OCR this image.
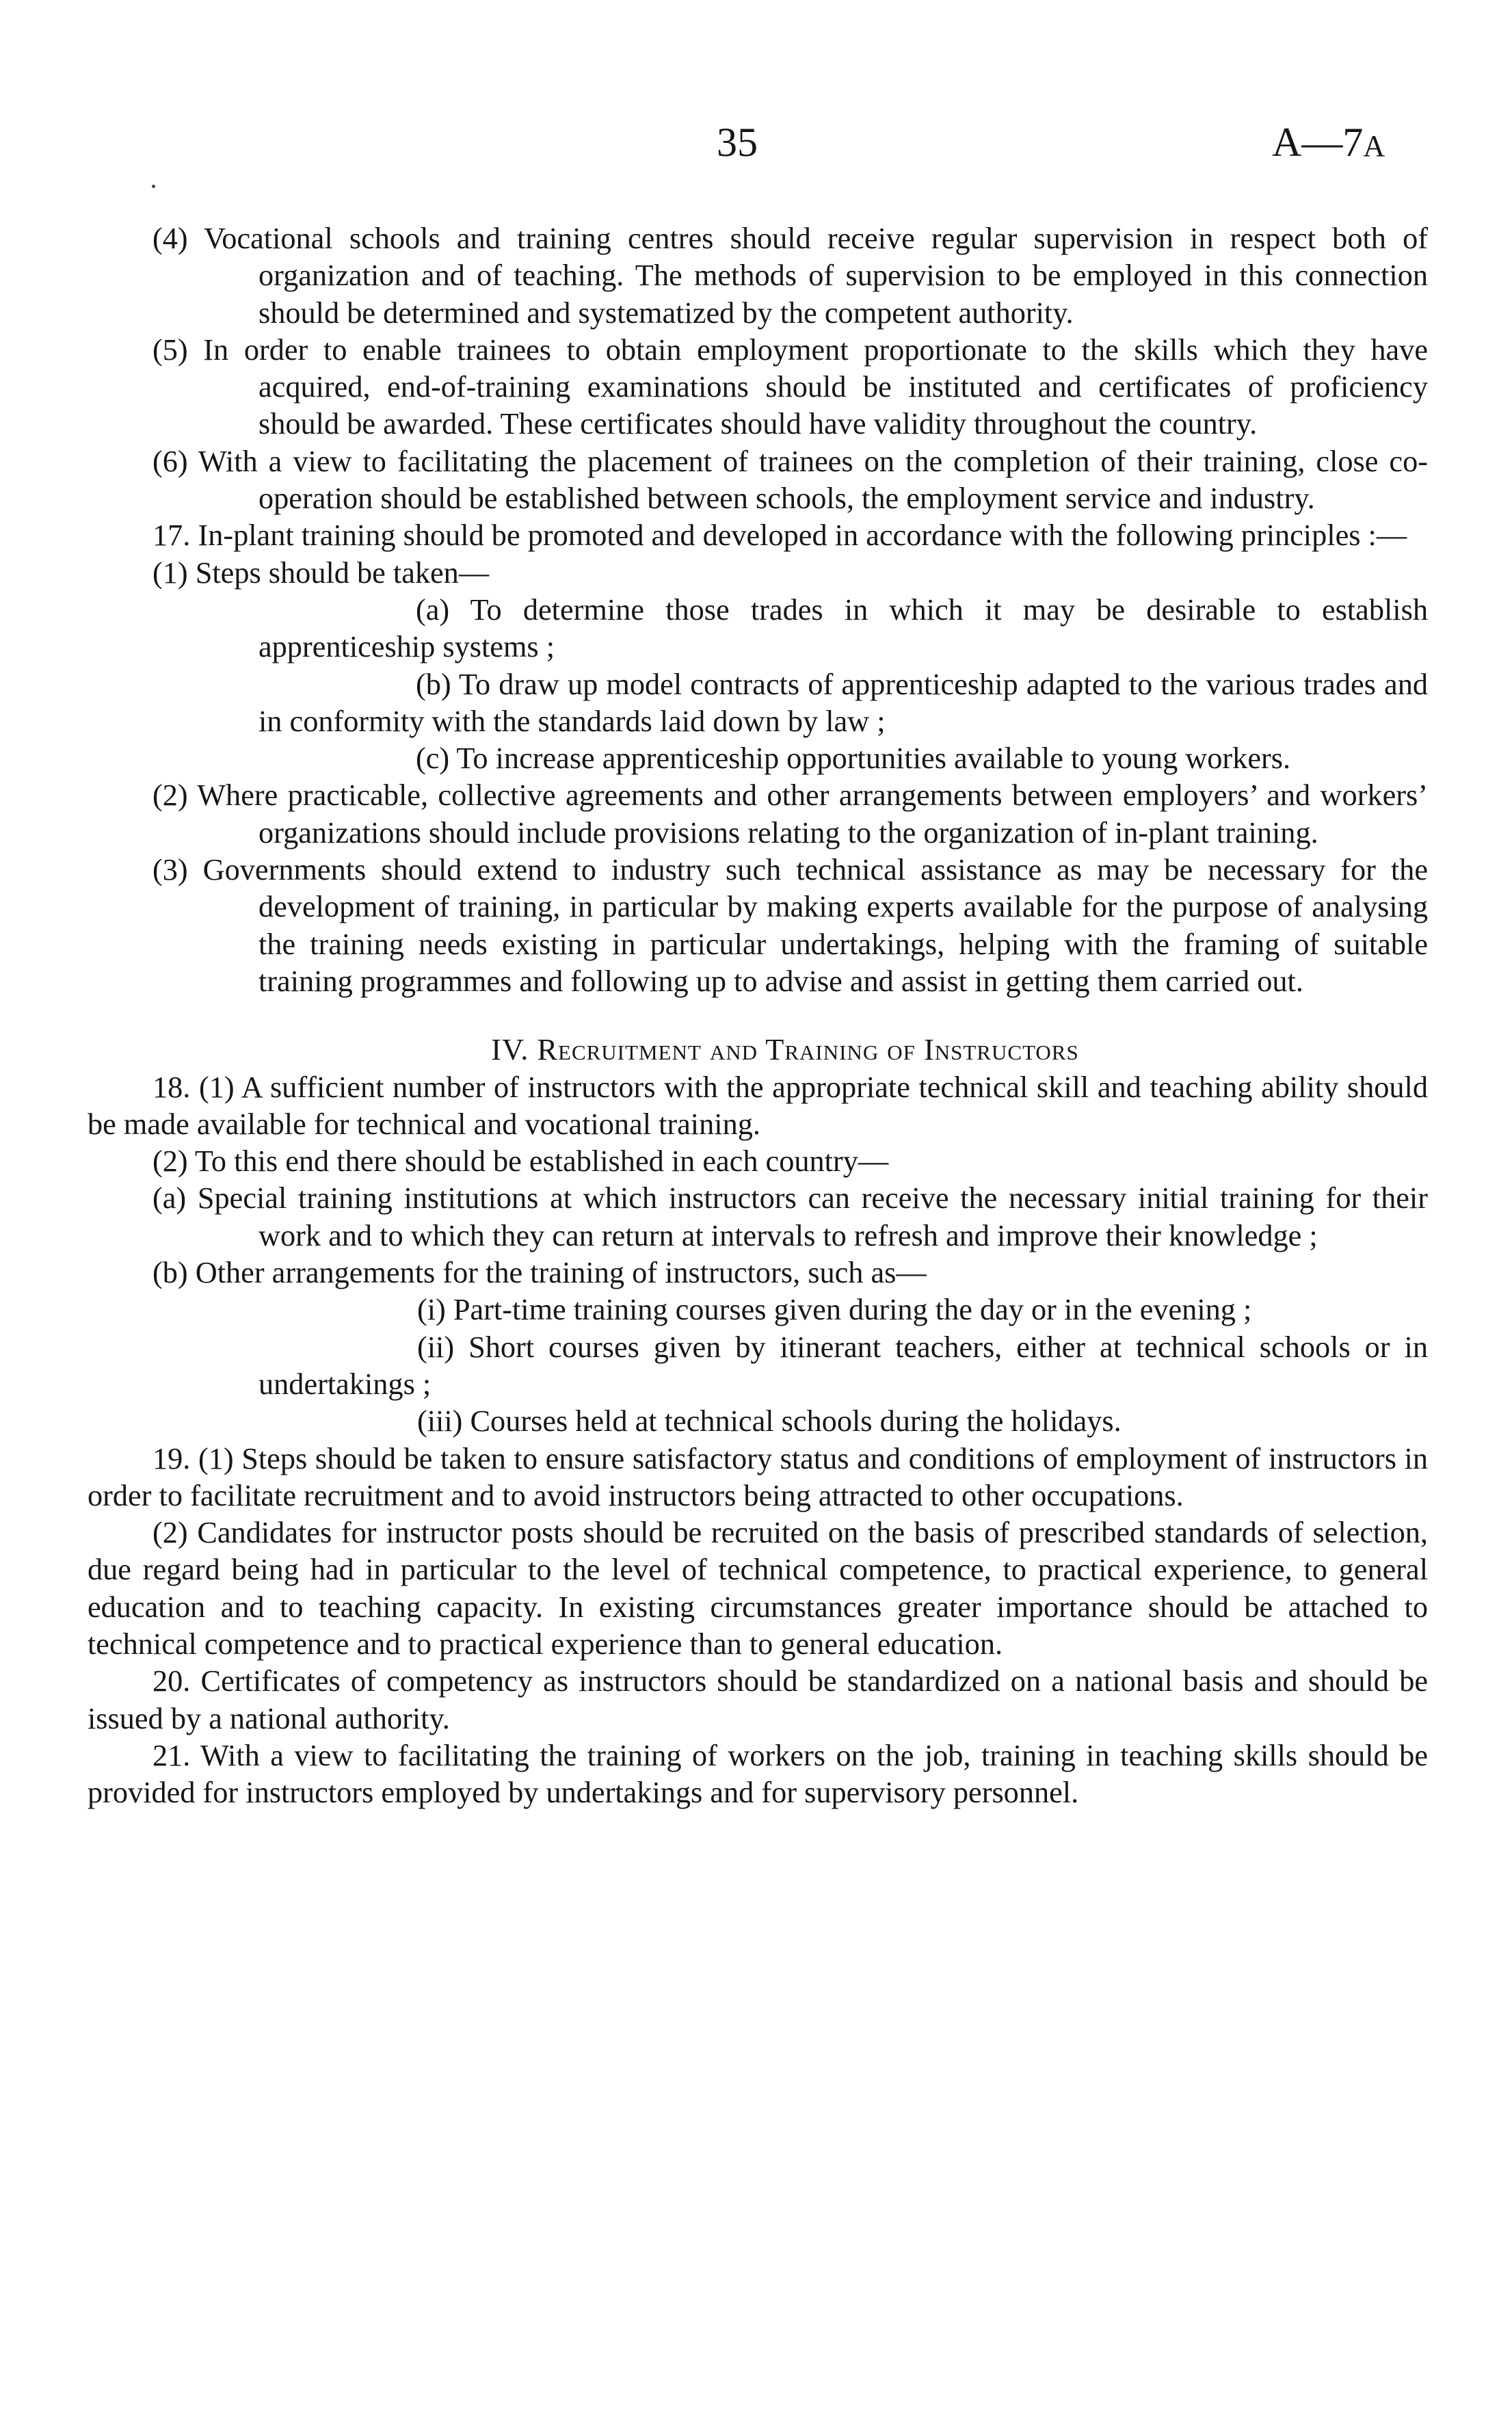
35	A—7A

(4) Vocational schools and training centres should receive regular supervision in respect both of organization and of teaching. The methods of supervision to be employed in this connection should be determined and systematized by the competent authority.

(5) In order to enable trainees to obtain employment proportionate to the skills which they have acquired, end-of-training examinations should be instituted and certificates of proficiency should be awarded. These certificates should have validity throughout the country.

(6) With a view to facilitating the placement of trainees on the completion of their training, close co-operation should be established between schools, the employment service and industry.

17. In-plant training should be promoted and developed in accordance with the following principles :—

(1) Steps should be taken—

(a) To determine those trades in which it may be desirable to establish apprenticeship systems ;

(b) To draw up model contracts of apprenticeship adapted to the various trades and in conformity with the standards laid down by law ;

(c) To increase apprenticeship opportunities available to young workers.

(2) Where practicable, collective agreements and other arrangements between employers’ and workers’ organizations should include provisions relating to the organization of in-plant training.

(3) Governments should extend to industry such technical assistance as may be necessary for the development of training, in particular by making experts available for the purpose of analysing the training needs existing in particular undertakings, helping with the framing of suitable training programmes and following up to advise and assist in getting them carried out.

IV. Recruitment and Training of Instructors

18. (1) A sufficient number of instructors with the appropriate technical skill and teaching ability should be made available for technical and vocational training.

(2) To this end there should be established in each country—

(a) Special training institutions at which instructors can receive the necessary initial training for their work and to which they can return at intervals to refresh and improve their knowledge ;

(b) Other arrangements for the training of instructors, such as—

(i) Part-time training courses given during the day or in the evening ;

(ii) Short courses given by itinerant teachers, either at technical schools or in undertakings ;

(iii) Courses held at technical schools during the holidays.

19. (1) Steps should be taken to ensure satisfactory status and conditions of employment of instructors in order to facilitate recruitment and to avoid instructors being attracted to other occupations.

(2) Candidates for instructor posts should be recruited on the basis of prescribed standards of selection, due regard being had in particular to the level of technical competence, to practical experience, to general education and to teaching capacity. In existing circumstances greater importance should be attached to technical competence and to practical experience than to general education.

20. Certificates of competency as instructors should be standardized on a national basis and should be issued by a national authority.

21. With a view to facilitating the training of workers on the job, training in teaching skills should be provided for instructors employed by undertakings and for supervisory personnel.
